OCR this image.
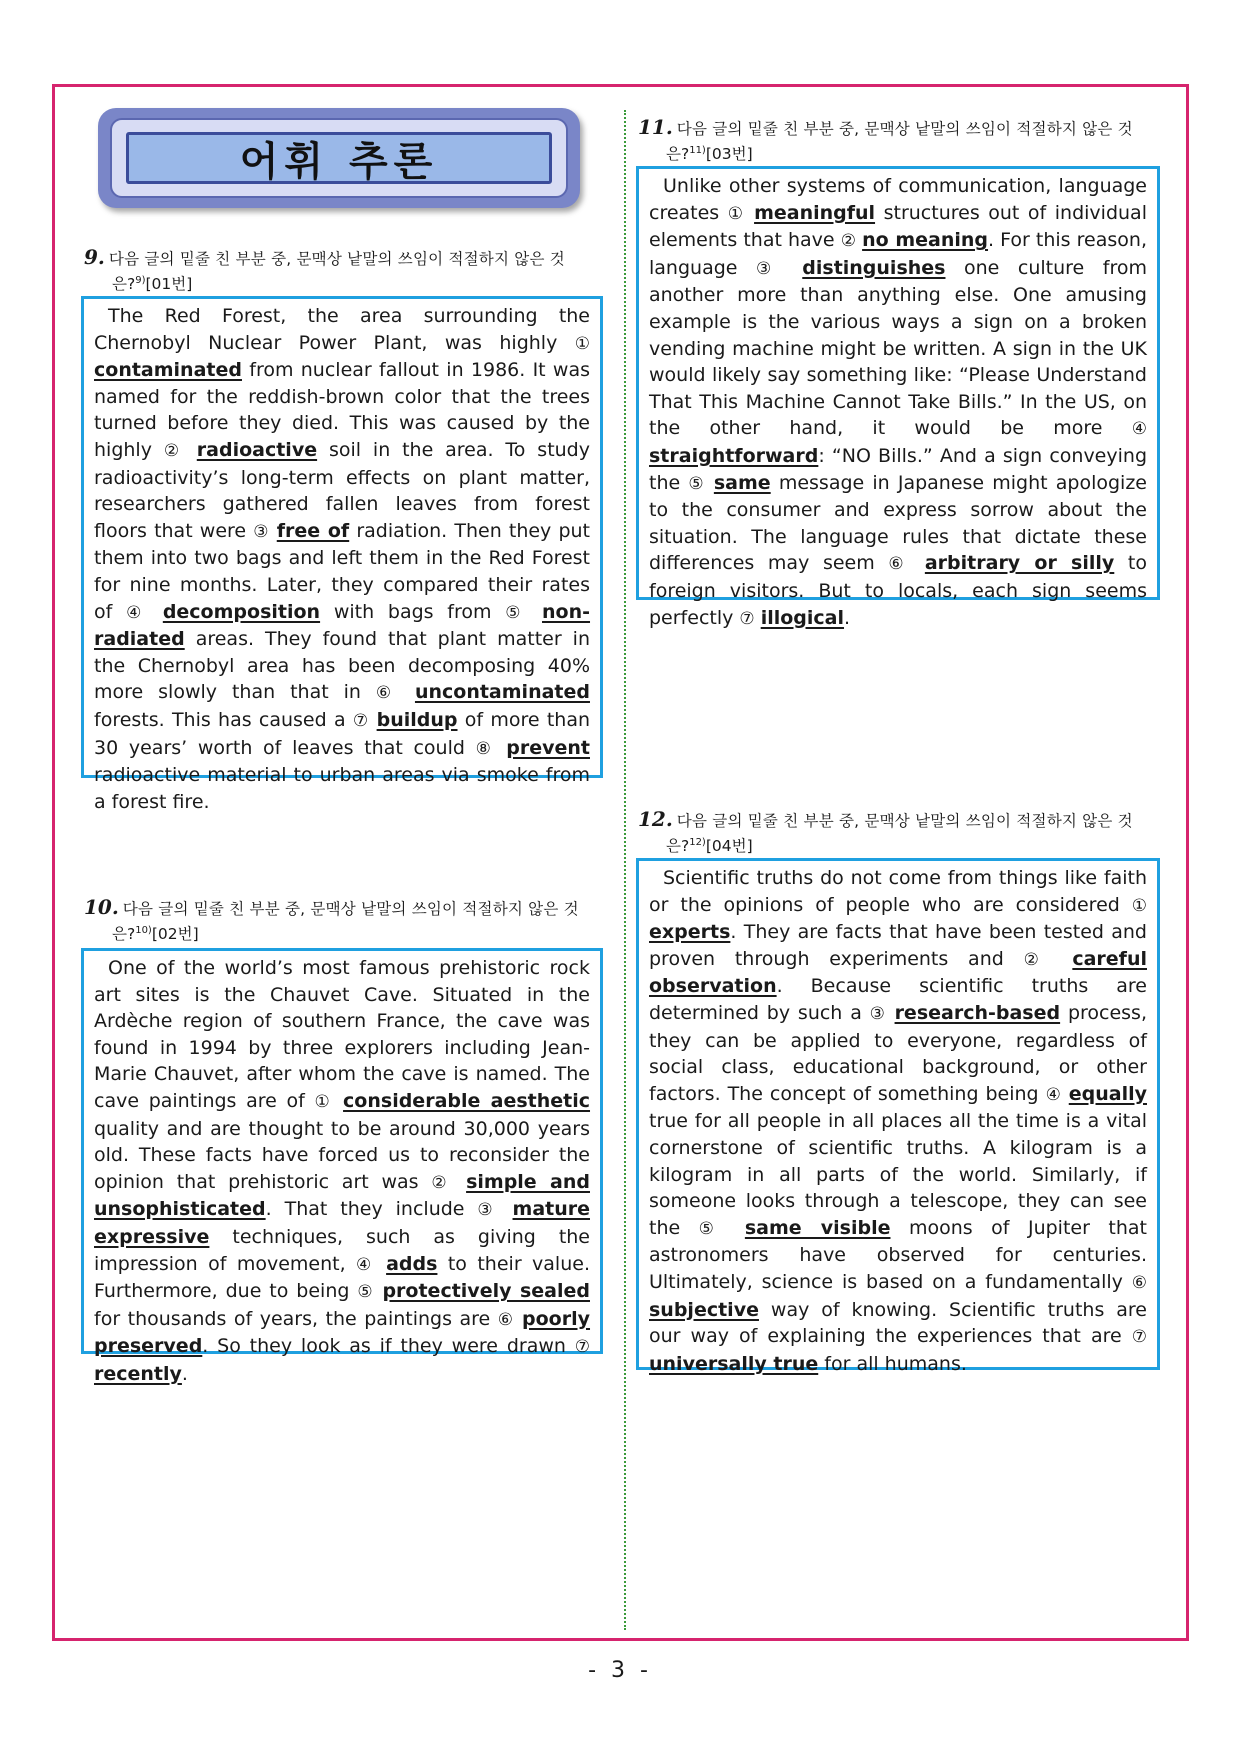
어휘 추론
9. 다음 글의 밑줄 친 부분 중, 문맥상 낱말의 쓰임이 적절하지 않은 것
은?$^{9)}$[01번]
The Red Forest, the area surrounding the Chernobyl Nuclear Power Plant, was highly ① contaminated from nuclear fallout in 1986. It was named for the reddish-brown color that the trees turned before they died. This was caused by the highly ② radioactive soil in the area. To study radioactivity’s long-term effects on plant matter, researchers gathered fallen leaves from forest floors that were ③ free of radiation. Then they put them into two bags and left them in the Red Forest for nine months. Later, they compared their rates of ④ decomposition with bags from ⑤ non-radiated areas. They found that plant matter in the Chernobyl area has been decomposing 40% more slowly than that in ⑥ uncontaminated forests. This has caused a ⑦ buildup of more than 30 years’ worth of leaves that could ⑧ prevent radioactive material to urban areas via smoke from a forest fire.
10. 다음 글의 밑줄 친 부분 중, 문맥상 낱말의 쓰임이 적절하지 않은 것
은?$^{10)}$[02번]
One of the world’s most famous prehistoric rock art sites is the Chauvet Cave. Situated in the Ardèche region of southern France, the cave was found in 1994 by three explorers including Jean-Marie Chauvet, after whom the cave is named. The cave paintings are of ① considerable aesthetic quality and are thought to be around 30,000 years old. These facts have forced us to reconsider the opinion that prehistoric art was ② simple and unsophisticated. That they include ③ mature expressive techniques, such as giving the impression of movement, ④ adds to their value. Furthermore, due to being ⑤ protectively sealed for thousands of years, the paintings are ⑥ poorly preserved. So they look as if they were drawn ⑦ recently.
11. 다음 글의 밑줄 친 부분 중, 문맥상 낱말의 쓰임이 적절하지 않은 것
은?$^{11)}$[03번]
Unlike other systems of communication, language creates ① meaningful structures out of individual elements that have ② no meaning. For this reason, language ③ distinguishes one culture from another more than anything else. One amusing example is the various ways a sign on a broken vending machine might be written. A sign in the UK would likely say something like: “Please Understand That This Machine Cannot Take Bills.” In the US, on the other hand, it would be more ④ straightforward: “NO Bills.” And a sign conveying the ⑤ same message in Japanese might apologize to the consumer and express sorrow about the situation. The language rules that dictate these differences may seem ⑥ arbitrary or silly to foreign visitors. But to locals, each sign seems perfectly ⑦ illogical.
12. 다음 글의 밑줄 친 부분 중, 문맥상 낱말의 쓰임이 적절하지 않은 것
은?$^{12)}$[04번]
Scientific truths do not come from things like faith or the opinions of people who are considered ① experts. They are facts that have been tested and proven through experiments and ② careful observation. Because scientific truths are determined by such a ③ research-based process, they can be applied to everyone, regardless of social class, educational background, or other factors. The concept of something being ④ equally true for all people in all places all the time is a vital cornerstone of scientific truths. A kilogram is a kilogram in all parts of the world. Similarly, if someone looks through a telescope, they can see the ⑤ same visible moons of Jupiter that astronomers have observed for centuries. Ultimately, science is based on a fundamentally ⑥ subjective way of knowing. Scientific truths are our way of explaining the experiences that are ⑦ universally true for all humans.
- 3 -
